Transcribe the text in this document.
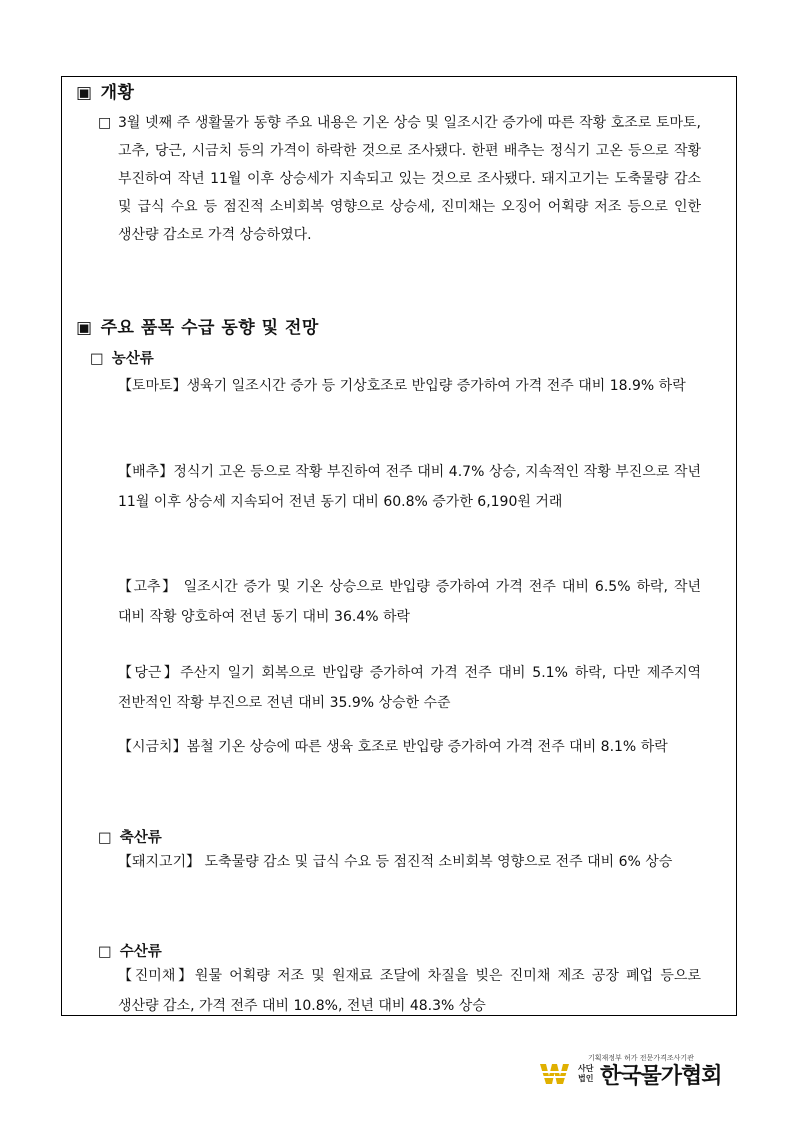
▣ 개황
□ 3월 넷째 주 생활물가 동향 주요 내용은 기온 상승 및 일조시간 증가에 따른 작황 호조로 토마토, 고추, 당근, 시금치 등의 가격이 하락한 것으로 조사됐다. 한편 배추는 정식기 고온 등으로 작황 부진하여 작년 11월 이후 상승세가 지속되고 있는 것으로 조사됐다. 돼지고기는 도축물량 감소 및 급식 수요 등 점진적 소비회복 영향으로 상승세, 진미채는 오징어 어획량 저조 등으로 인한 생산량 감소로 가격 상승하였다.
▣ 주요 품목 수급 동향 및 전망
□ 농산류
【토마토】생육기 일조시간 증가 등 기상호조로 반입량 증가하여 가격 전주 대비 18.9% 하락
【배추】정식기 고온 등으로 작황 부진하여 전주 대비 4.7% 상승, 지속적인 작황 부진으로 작년 11월 이후 상승세 지속되어 전년 동기 대비 60.8% 증가한 6,190원 거래
【고추】 일조시간 증가 및 기온 상승으로 반입량 증가하여 가격 전주 대비 6.5% 하락, 작년 대비 작황 양호하여 전년 동기 대비 36.4% 하락
【당근】주산지 일기 회복으로 반입량 증가하여 가격 전주 대비 5.1% 하락, 다만 제주지역 전반적인 작황 부진으로 전년 대비 35.9% 상승한 수준
【시금치】봄철 기온 상승에 따른 생육 호조로 반입량 증가하여 가격 전주 대비 8.1% 하락
□ 축산류
【돼지고기】 도축물량 감소 및 급식 수요 등 점진적 소비회복 영향으로 전주 대비 6% 상승
□ 수산류
【진미채】원물 어획량 저조 및 원재료 조달에 차질을 빚은 진미채 제조 공장 폐업 등으로 생산량 감소, 가격 전주 대비 10.8%, 전년 대비 48.3% 상승
기획재정부 허가 전문가격조사기관
사단
법인 한국물가협회
